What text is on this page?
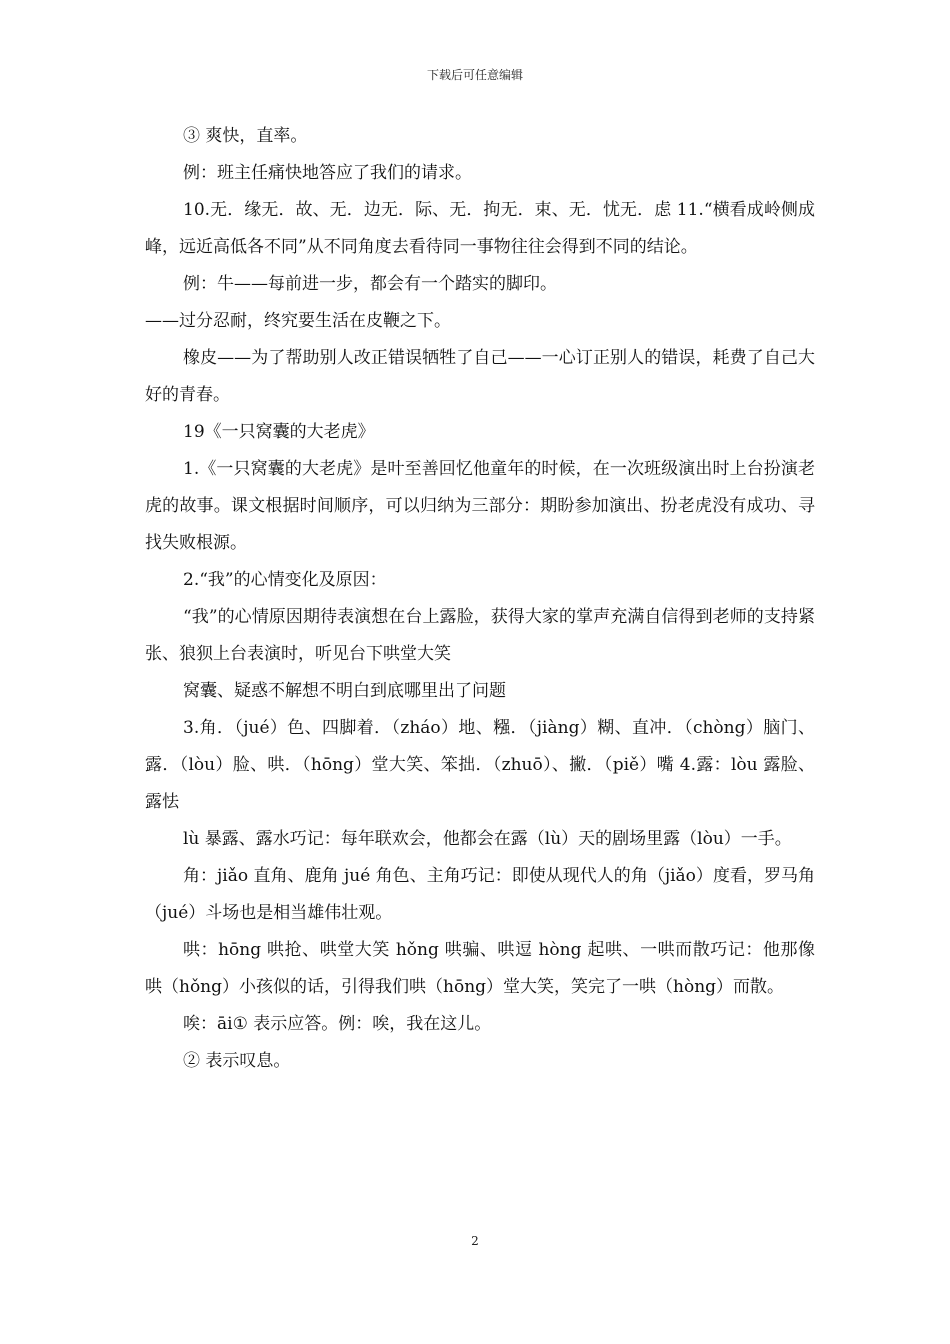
下载后可任意编辑

③ 爽快，直率。

例：班主任痛快地答应了我们的请求。

10.无．缘无．故、无．边无．际、无．拘无．束、无．忧无．虑 11.“横看成岭侧成峰，远近高低各不同”从不同角度去看待同一事物往往会得到不同的结论。

例：牛——每前进一步，都会有一个踏实的脚印。

——过分忍耐，终究要生活在皮鞭之下。

橡皮——为了帮助别人改正错误牺牲了自己——一心订正别人的错误，耗费了自己大好的青春。

19《一只窝囊的大老虎》

1.《一只窝囊的大老虎》是叶至善回忆他童年的时候，在一次班级演出时上台扮演老虎的故事。课文根据时间顺序，可以归纳为三部分：期盼参加演出、扮老虎没有成功、寻找失败根源。

2.“我”的心情变化及原因：

“我”的心情原因期待表演想在台上露脸，获得大家的掌声充满自信得到老师的支持紧张、狼狈上台表演时，听见台下哄堂大笑

窝囊、疑惑不解想不明白到底哪里出了问题

3.角．（jué）色、四脚着．（zháo）地、糨．（jiàng）糊、直冲．（chòng）脑门、露．（lòu）脸、哄．（hōng）堂大笑、笨拙．（zhuō）、撇．（piě）嘴 4.露：lòu 露脸、露怯

lù 暴露、露水巧记：每年联欢会，他都会在露（lù）天的剧场里露（lòu）一手。

角：jiǎo 直角、鹿角 jué 角色、主角巧记：即使从现代人的角（jiǎo）度看，罗马角（jué）斗场也是相当雄伟壮观。

哄：hōng 哄抢、哄堂大笑 hǒng 哄骗、哄逗 hòng 起哄、一哄而散巧记：他那像哄（hǒng）小孩似的话，引得我们哄（hōng）堂大笑，笑完了一哄（hòng）而散。

唉：āi① 表示应答。例：唉，我在这儿。

② 表示叹息。

2
